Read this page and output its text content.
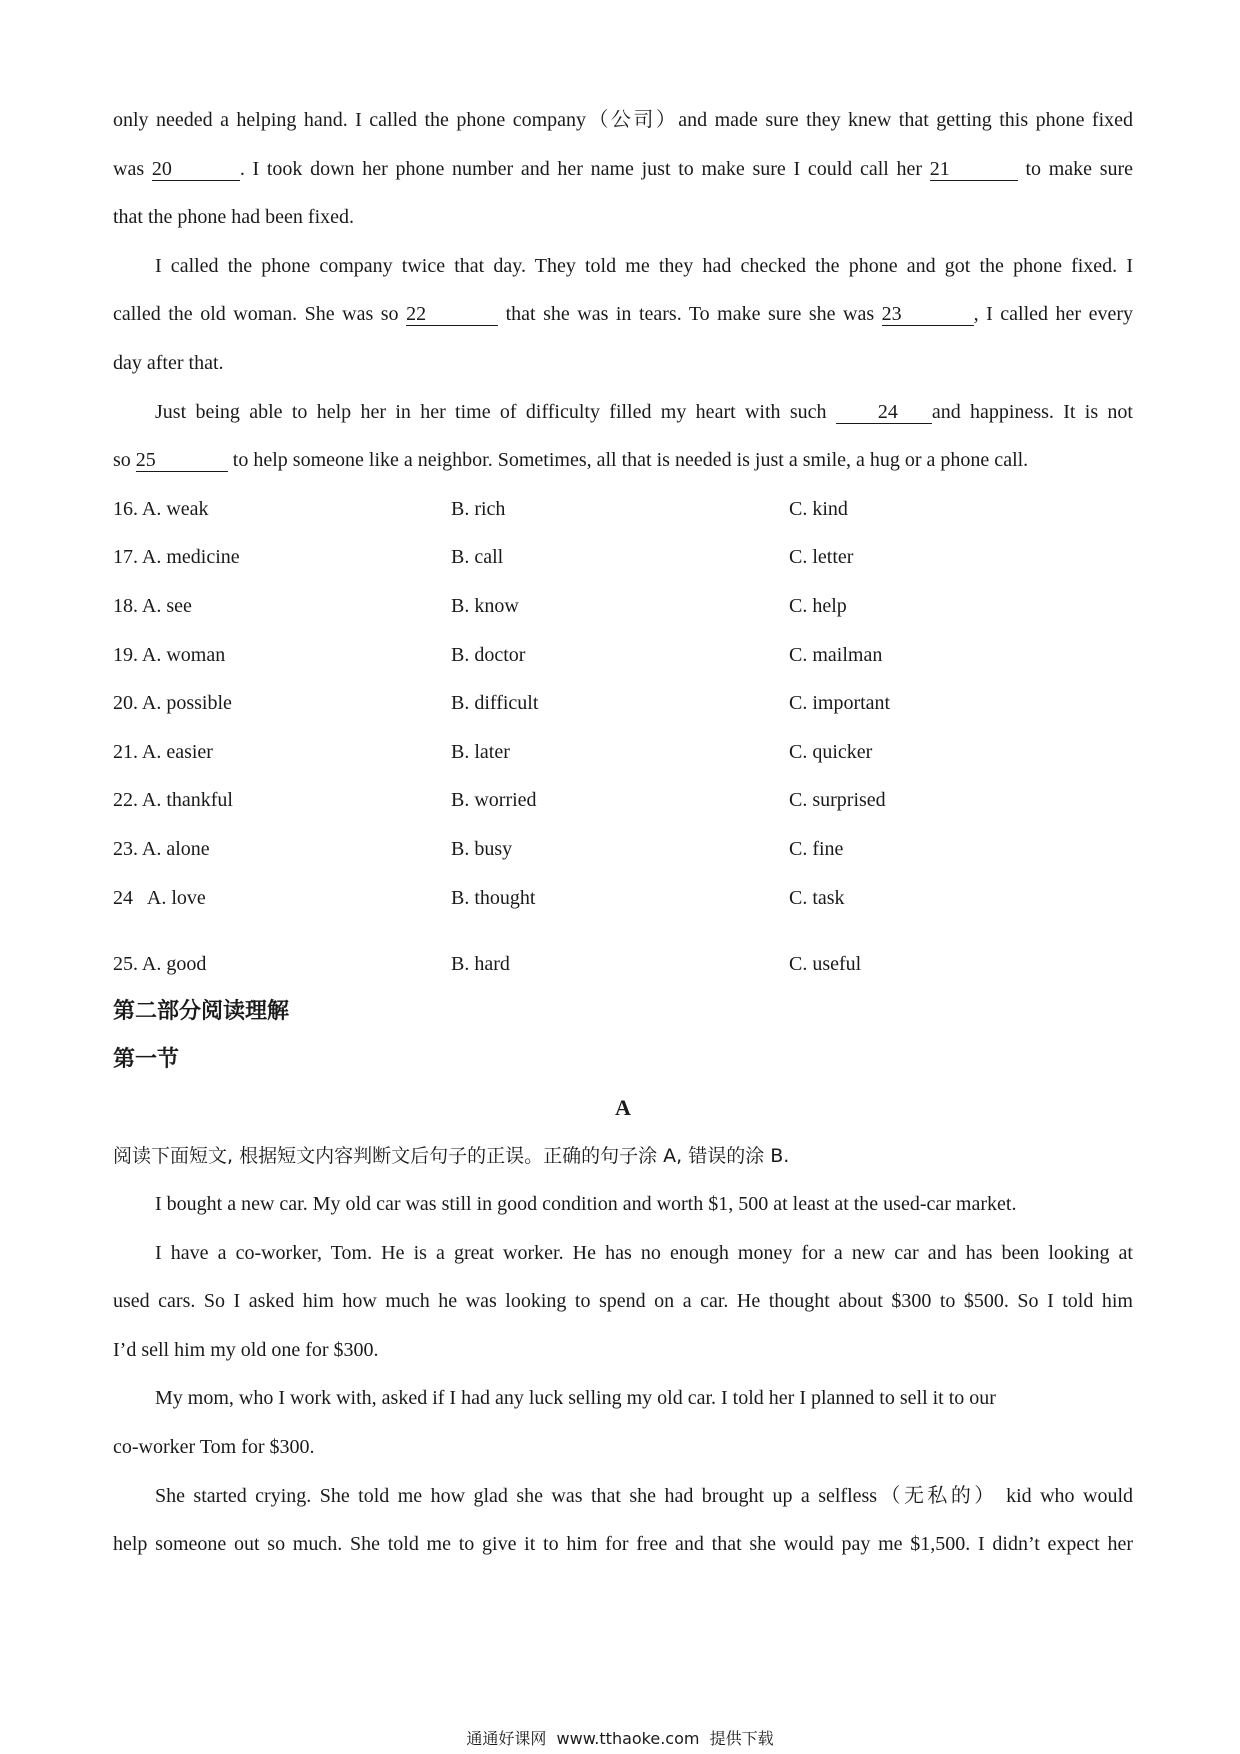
only needed a helping hand. I called the phone company（公司）and made sure they knew that getting this phone fixed

was 20	. I took down her phone number and her name just to make sure I could call her 21	to make sure

that the phone had been fixed.

I called the phone company twice that day. They told me they had checked the phone and got the phone fixed. I

called the old woman. She was so 22	that she was in tears. To make sure she was 23	, I called her every

day after that.

Just being able to help her in her time of difficulty filled my heart with such	24 and happiness. It is not

so 25	to help someone like a neighbor. Sometimes, all that is needed is just a smile, a hug or a phone call.

16. A. weak	B. rich	C. kind
17. A. medicine	B. call	C. letter
18. A. see	B. know	C. help
19. A. woman	B. doctor	C. mailman
20. A. possible	B. difficult	C. important
21. A. easier	B. later	C. quicker
22. A. thankful	B. worried	C. surprised
23. A. alone	B. busy	C. fine
24   A. love	B. thought	C. task
25. A. good	B. hard	C. useful

第二部分阅读理解

第一节

A

阅读下面短文, 根据短文内容判断文后句子的正误。正确的句子涂 A, 错误的涂 B.

I bought a new car. My old car was still in good condition and worth $1, 500 at least at the used-car market.

I have a co-worker, Tom. He is a great worker. He has no enough money for a new car and has been looking at

used cars. So I asked him how much he was looking to spend on a car. He thought about $300 to $500. So I told him

I’d sell him my old one for $300.

My mom, who I work with, asked if I had any luck selling my old car. I told her I planned to sell it to our

co-worker Tom for $300.

She started crying. She told me how glad she was that she had brought up a selfless（无私的） kid who would

help someone out so much. She told me to give it to him for free and that she would pay me $1,500. I didn’t expect her

通通好课网  www.tthaoke.com  提供下载
